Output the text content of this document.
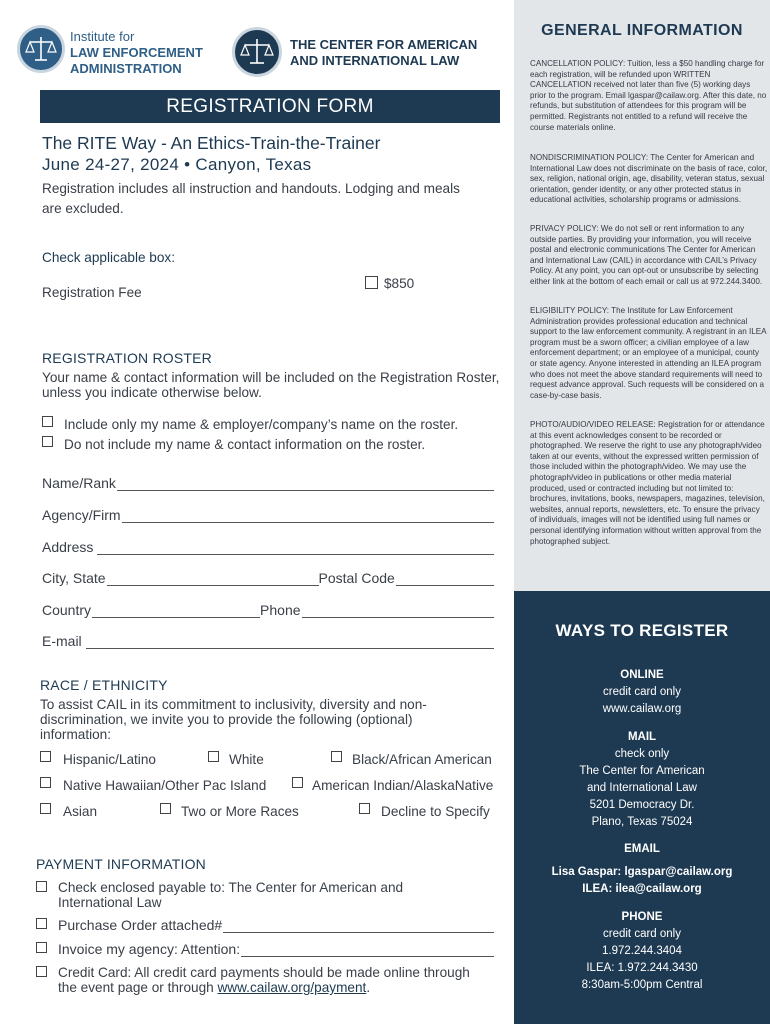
Institute for
LAW ENFORCEMENT
ADMINISTRATION
THE CENTER FOR AMERICAN
AND INTERNATIONAL LAW
REGISTRATION FORM
The RITE Way - An Ethics-Train-the-Trainer
June 24-27, 2024 • Canyon, Texas
Registration includes all instruction and handouts. Lodging and meals are excluded.
Check applicable box:
Registration Fee
$850
REGISTRATION ROSTER
Your name & contact information will be included on the Registration Roster, unless you indicate otherwise below.
Include only my name & employer/company’s name on the roster.
Do not include my name & contact information on the roster.
Name/Rank
Agency/Firm
Address
City, State	Postal Code
Country	Phone
E-mail
RACE / ETHNICITY
To assist CAIL in its commitment to inclusivity, diversity and non-discrimination, we invite you to provide the following (optional) information:
Hispanic/Latino	White	Black/African American
Native Hawaiian/Other Pac Island	American Indian/AlaskaNative
Asian	Two or More Races	Decline to Specify
PAYMENT INFORMATION
Check enclosed payable to: The Center for American and International Law
Purchase Order attached#
Invoice my agency: Attention:
Credit Card: All credit card payments should be made online through the event page or through www.cailaw.org/payment.
GENERAL INFORMATION
CANCELLATION POLICY: Tuition, less a $50 handling charge for each registration, will be refunded upon WRITTEN CANCELLATION received not later than five (5) working days prior to the program. Email lgaspar@cailaw.org. After this date, no refunds, but substitution of attendees for this program will be permitted. Registrants not entitled to a refund will receive the course materials online.
NONDISCRIMINATION POLICY: The Center for American and International Law does not discriminate on the basis of race, color, sex, religion, national origin, age, disability, veteran status, sexual orientation, gender identity, or any other protected status in educational activities, scholarship programs or admissions.
PRIVACY POLICY: We do not sell or rent information to any outside parties. By providing your information, you will receive postal and electronic communications The Center for American and International Law (CAIL) in accordance with CAIL’s Privacy Policy. At any point, you can opt-out or unsubscribe by selecting either link at the bottom of each email or call us at 972.244.3400.
ELIGIBILITY POLICY: The Institute for Law Enforcement Administration provides professional education and technical support to the law enforcement community. A registrant in an ILEA program must be a sworn officer; a civilian employee of a law enforcement department; or an employee of a municipal, county or state agency. Anyone interested in attending an ILEA program who does not meet the above standard requirements will need to request advance approval. Such requests will be considered on a case-by-case basis.
PHOTO/AUDIO/VIDEO RELEASE: Registration for or attendance at this event acknowledges consent to be recorded or photographed. We reserve the right to use any photograph/video taken at our events, without the expressed written permission of those included within the photograph/video. We may use the photograph/video in publications or other media material produced, used or contracted including but not limited to: brochures, invitations, books, newspapers, magazines, television, websites, annual reports, newsletters, etc. To ensure the privacy of individuals, images will not be identified using full names or personal identifying information without written approval from the photographed subject.
WAYS TO REGISTER
ONLINE
credit card only
www.cailaw.org
MAIL
check only
The Center for American
and International Law
5201 Democracy Dr.
Plano, Texas 75024
EMAIL
Lisa Gaspar: lgaspar@cailaw.org
ILEA: ilea@cailaw.org
PHONE
credit card only
1.972.244.3404
ILEA: 1.972.244.3430
8:30am-5:00pm Central
